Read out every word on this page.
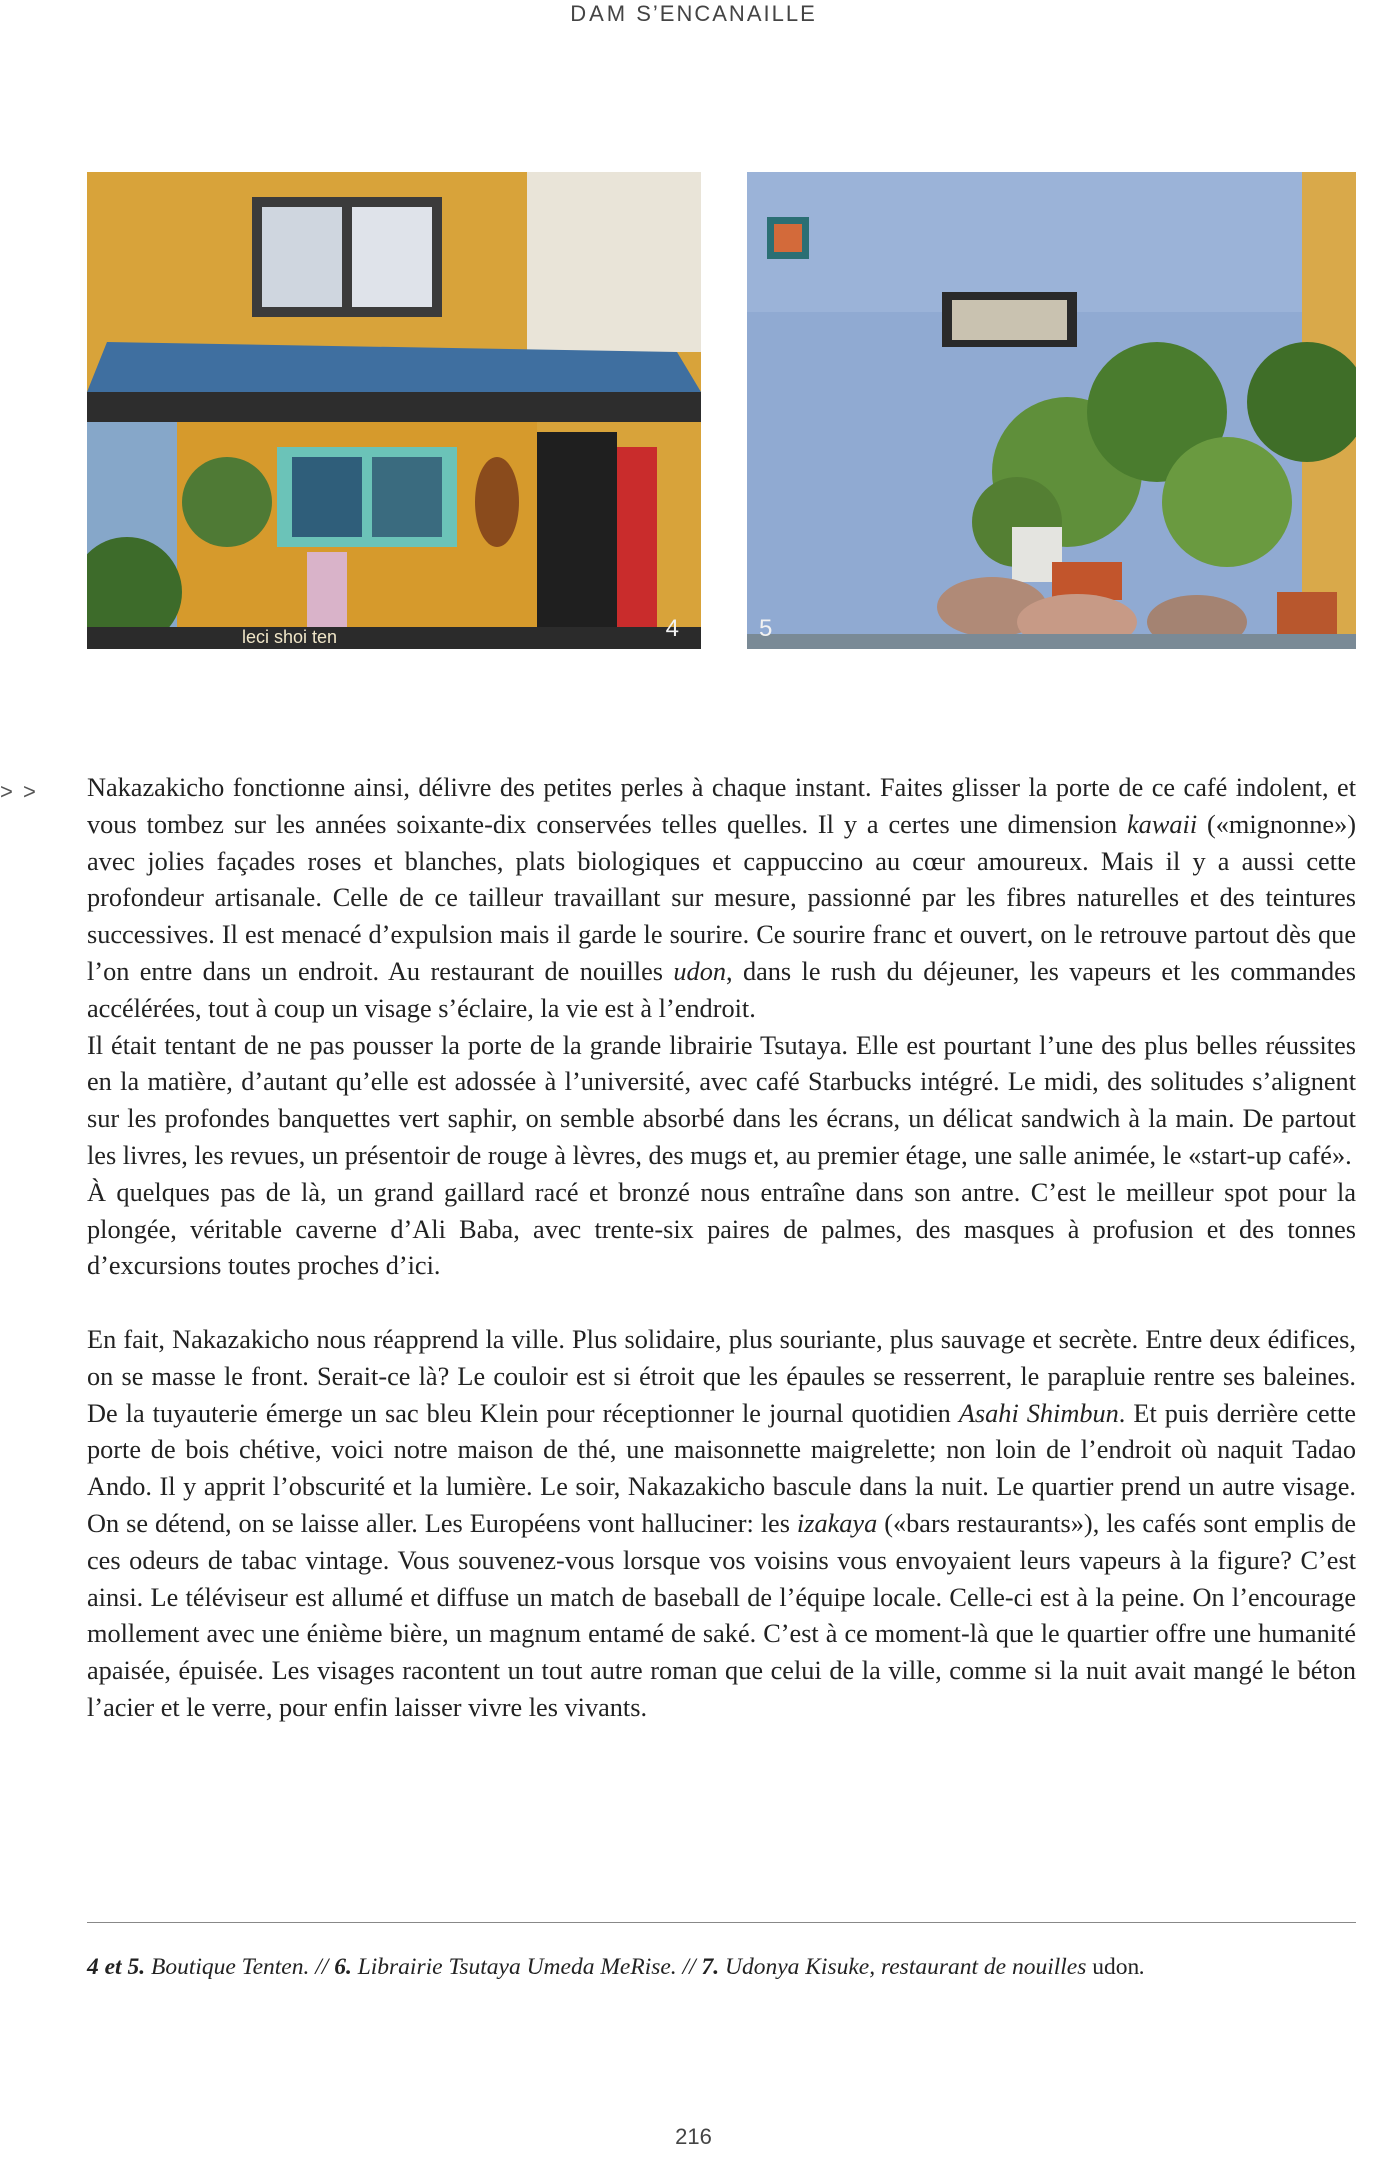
DAM S’ENCANAILLE
leci shoi ten	4	5
> > Nakazakicho fonctionne ainsi, délivre des petites perles à chaque instant. Faites glisser la porte de ce café indolent, et vous tombez sur les années soixante-dix conservées telles quelles. Il y a certes une dimension kawaii («mignonne») avec jolies façades roses et blanches, plats biologiques et cappuccino au cœur amoureux. Mais il y a aussi cette profondeur artisanale. Celle de ce tailleur travaillant sur mesure, passionné par les fibres naturelles et des teintures successives. Il est menacé d’expulsion mais il garde le sourire. Ce sourire franc et ouvert, on le retrouve partout dès que l’on entre dans un endroit. Au restaurant de nouilles udon, dans le rush du déjeuner, les vapeurs et les commandes accélérées, tout à coup un visage s’éclaire, la vie est à l’endroit.

Il était tentant de ne pas pousser la porte de la grande librairie Tsutaya. Elle est pourtant l’une des plus belles réussites en la matière, d’autant qu’elle est adossée à l’université, avec café Starbucks intégré. Le midi, des solitudes s’alignent sur les profondes banquettes vert saphir, on semble absorbé dans les écrans, un délicat sandwich à la main. De partout les livres, les revues, un présentoir de rouge à lèvres, des mugs et, au premier étage, une salle animée, le «start-up café».

À quelques pas de là, un grand gaillard racé et bronzé nous entraîne dans son antre. C’est le meilleur spot pour la plongée, véritable caverne d’Ali Baba, avec trente-six paires de palmes, des masques à profusion et des tonnes d’excursions toutes proches d’ici.

En fait, Nakazakicho nous réapprend la ville. Plus solidaire, plus souriante, plus sauvage et secrète. Entre deux édifices, on se masse le front. Serait-ce là? Le couloir est si étroit que les épaules se resserrent, le parapluie rentre ses baleines. De la tuyauterie émerge un sac bleu Klein pour réceptionner le journal quotidien Asahi Shimbun. Et puis derrière cette porte de bois chétive, voici notre maison de thé, une maisonnette maigrelette; non loin de l’endroit où naquit Tadao Ando. Il y apprit l’obscurité et la lumière. Le soir, Nakazakicho bascule dans la nuit. Le quartier prend un autre visage. On se détend, on se laisse aller. Les Européens vont halluciner: les izakaya («bars restaurants»), les cafés sont emplis de ces odeurs de tabac vintage. Vous souvenez-vous lorsque vos voisins vous envoyaient leurs vapeurs à la figure? C’est ainsi. Le téléviseur est allumé et diffuse un match de baseball de l’équipe locale. Celle-ci est à la peine. On l’encourage mollement avec une énième bière, un magnum entamé de saké. C’est à ce moment-là que le quartier offre une humanité apaisée, épuisée. Les visages racontent un tout autre roman que celui de la ville, comme si la nuit avait mangé le béton l’acier et le verre, pour enfin laisser vivre les vivants.

4 et 5. Boutique Tenten. // 6. Librairie Tsutaya Umeda MeRise. // 7. Udonya Kisuke, restaurant de nouilles udon.
216
